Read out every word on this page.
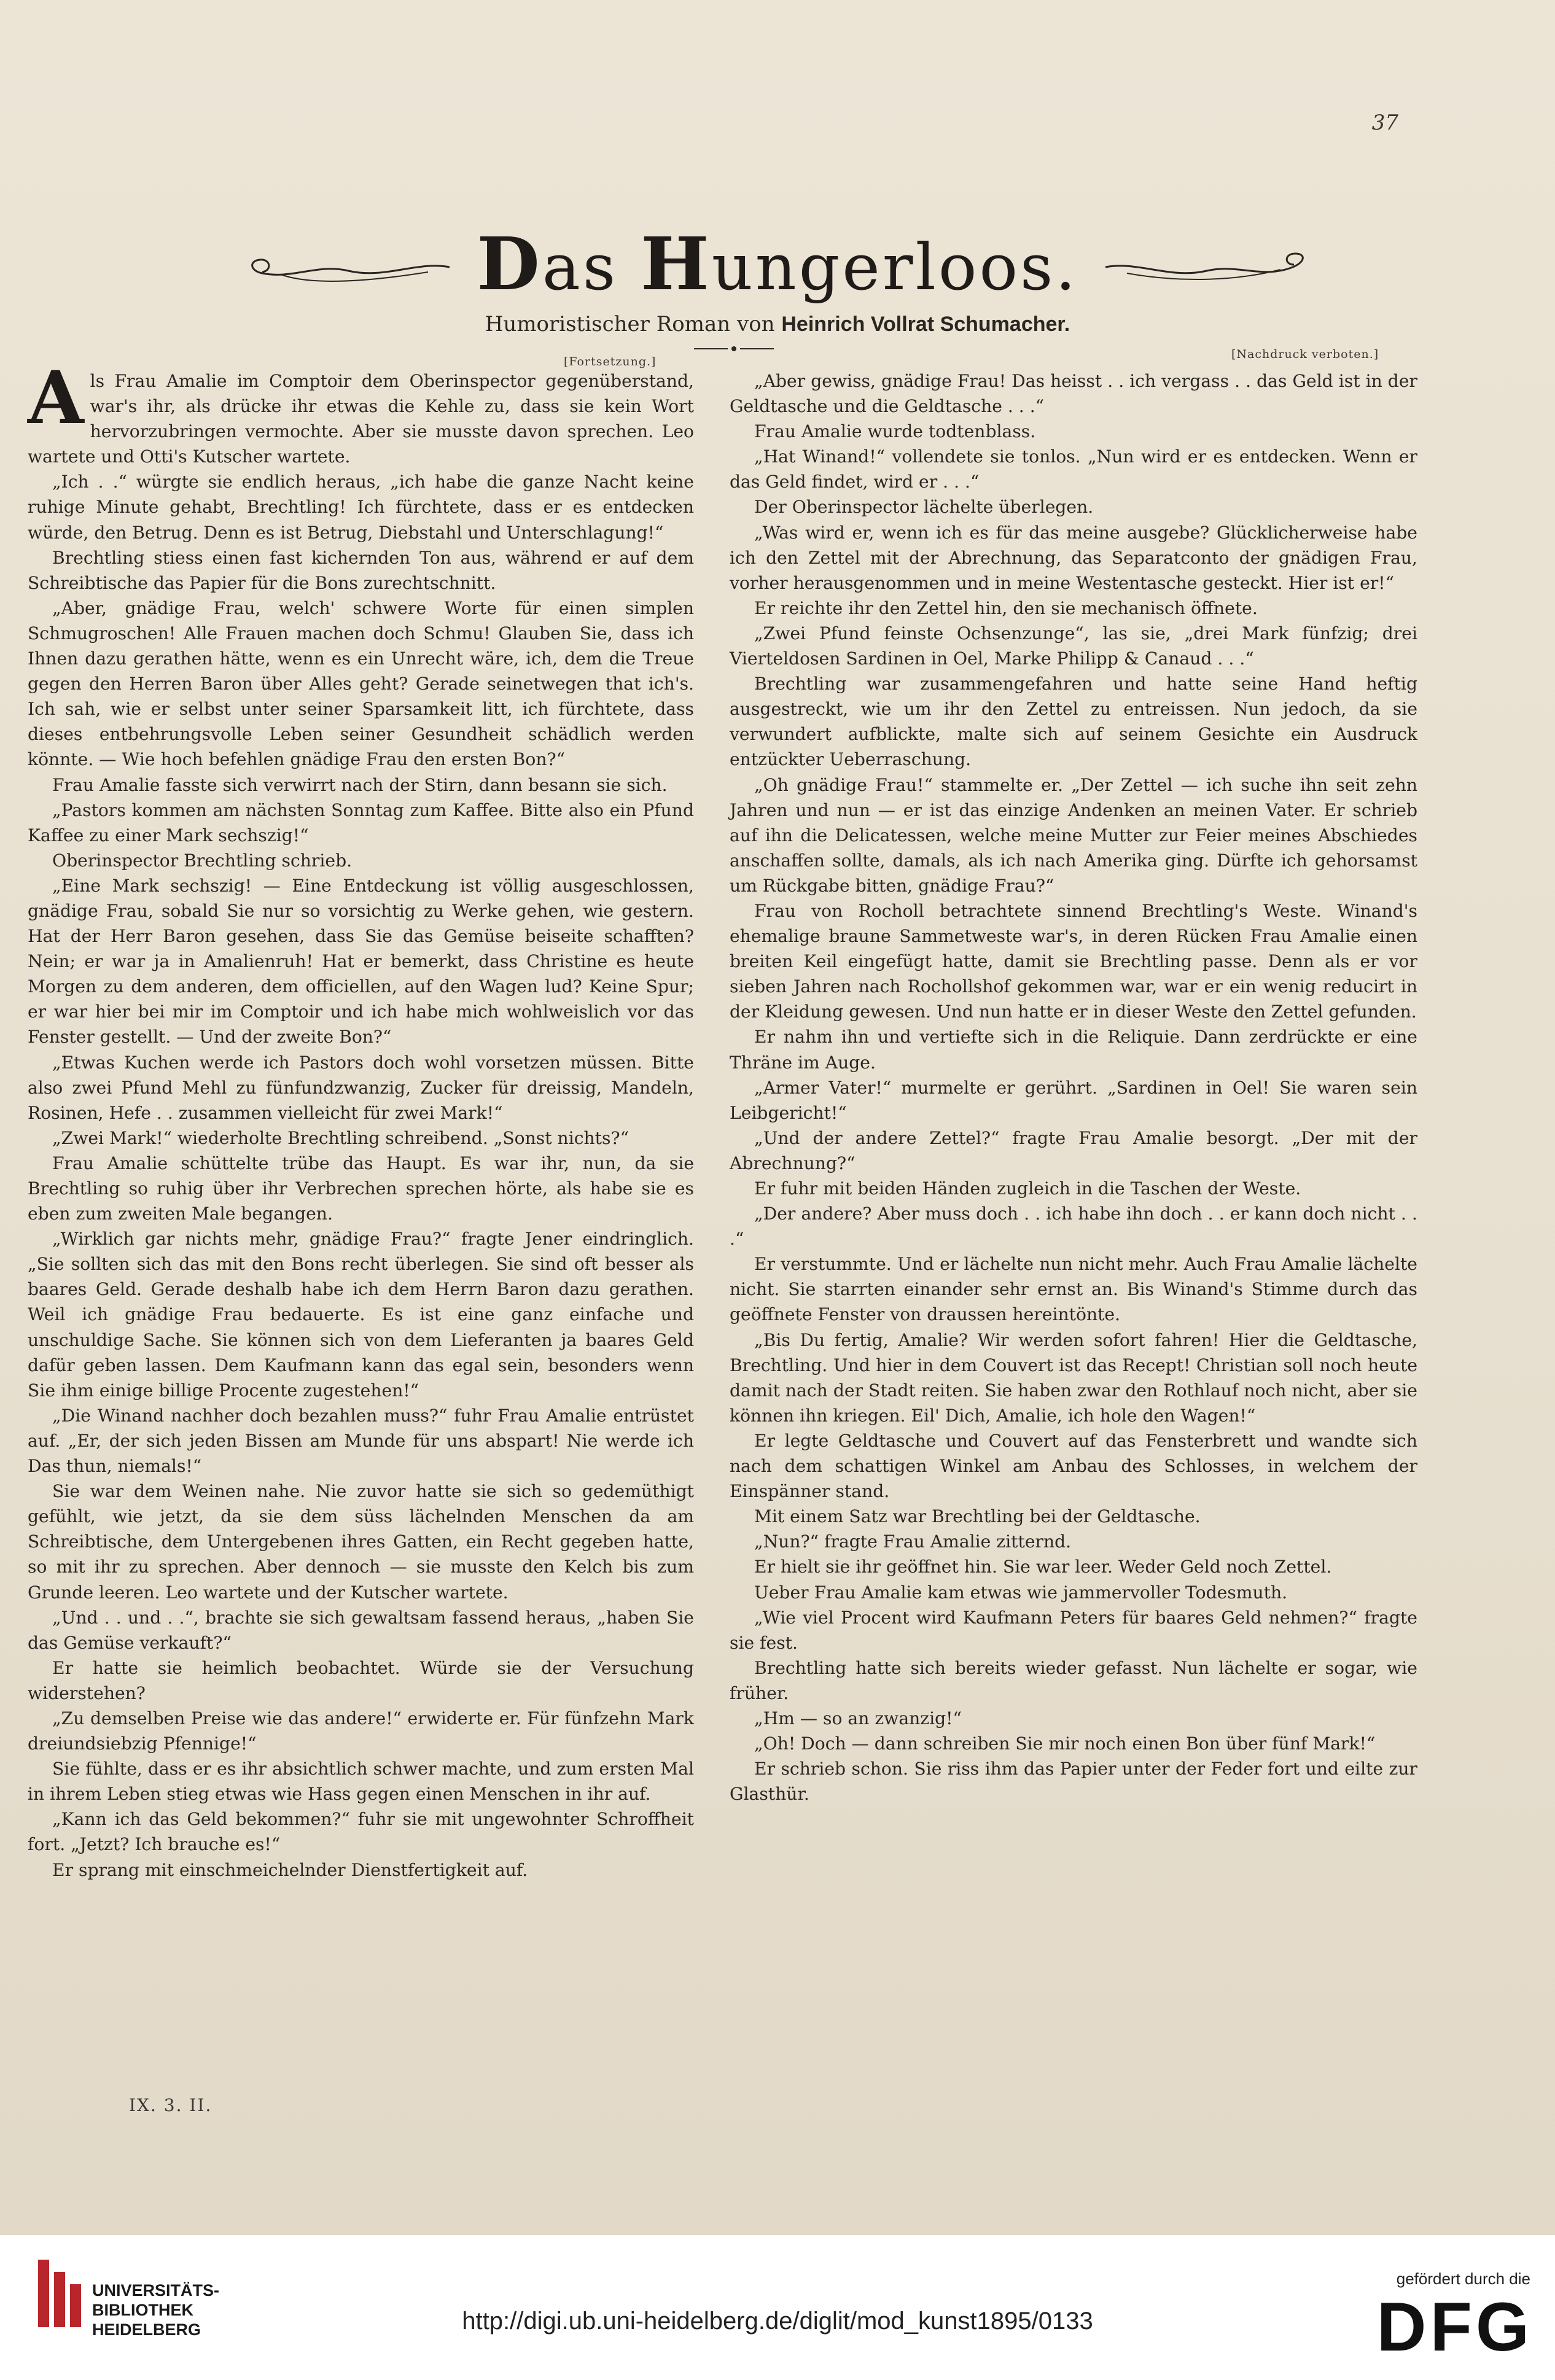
37
Das Hungerloos.
Humoristischer Roman von Heinrich Vollrat Schumacher.
[Fortsetzung.]
[Nachdruck verboten.]

Als Frau Amalie im Comptoir dem Oberinspector gegenüberstand, war's ihr, als drücke ihr etwas die Kehle zu, dass sie kein Wort hervorzubringen vermochte. Aber sie musste davon sprechen. Leo wartete und Otti's Kutscher wartete.

„Ich . .“ würgte sie endlich heraus, „ich habe die ganze Nacht keine ruhige Minute gehabt, Brechtling! Ich fürchtete, dass er es entdecken würde, den Betrug. Denn es ist Betrug, Diebstahl und Unterschlagung!“

Brechtling stiess einen fast kichernden Ton aus, während er auf dem Schreibtische das Papier für die Bons zurechtschnitt.

„Aber, gnädige Frau, welch' schwere Worte für einen simplen Schmugroschen! Alle Frauen machen doch Schmu! Glauben Sie, dass ich Ihnen dazu gerathen hätte, wenn es ein Unrecht wäre, ich, dem die Treue gegen den Herren Baron über Alles geht? Gerade seinetwegen that ich's. Ich sah, wie er selbst unter seiner Sparsamkeit litt, ich fürchtete, dass dieses entbehrungsvolle Leben seiner Gesundheit schädlich werden könnte. — Wie hoch befehlen gnädige Frau den ersten Bon?“

Frau Amalie fasste sich verwirrt nach der Stirn, dann besann sie sich.

„Pastors kommen am nächsten Sonntag zum Kaffee. Bitte also ein Pfund Kaffee zu einer Mark sechszig!“

Oberinspector Brechtling schrieb.

„Eine Mark sechszig! — Eine Entdeckung ist völlig ausgeschlossen, gnädige Frau, sobald Sie nur so vorsichtig zu Werke gehen, wie gestern. Hat der Herr Baron gesehen, dass Sie das Gemüse beiseite schafften? Nein; er war ja in Amalienruh! Hat er bemerkt, dass Christine es heute Morgen zu dem anderen, dem officiellen, auf den Wagen lud? Keine Spur; er war hier bei mir im Comptoir und ich habe mich wohlweislich vor das Fenster gestellt. — Und der zweite Bon?“

„Etwas Kuchen werde ich Pastors doch wohl vorsetzen müssen. Bitte also zwei Pfund Mehl zu fünfundzwanzig, Zucker für dreissig, Mandeln, Rosinen, Hefe . . zusammen vielleicht für zwei Mark!“

„Zwei Mark!“ wiederholte Brechtling schreibend. „Sonst nichts?“

Frau Amalie schüttelte trübe das Haupt. Es war ihr, nun, da sie Brechtling so ruhig über ihr Verbrechen sprechen hörte, als habe sie es eben zum zweiten Male begangen.

„Wirklich gar nichts mehr, gnädige Frau?“ fragte Jener eindringlich. „Sie sollten sich das mit den Bons recht überlegen. Sie sind oft besser als baares Geld. Gerade deshalb habe ich dem Herrn Baron dazu gerathen. Weil ich gnädige Frau bedauerte. Es ist eine ganz einfache und unschuldige Sache. Sie können sich von dem Lieferanten ja baares Geld dafür geben lassen. Dem Kaufmann kann das egal sein, besonders wenn Sie ihm einige billige Procente zugestehen!“

„Die Winand nachher doch bezahlen muss?“ fuhr Frau Amalie entrüstet auf. „Er, der sich jeden Bissen am Munde für uns abspart! Nie werde ich Das thun, niemals!“

Sie war dem Weinen nahe. Nie zuvor hatte sie sich so gedemüthigt gefühlt, wie jetzt, da sie dem süss lächelnden Menschen da am Schreibtische, dem Untergebenen ihres Gatten, ein Recht gegeben hatte, so mit ihr zu sprechen. Aber dennoch — sie musste den Kelch bis zum Grunde leeren. Leo wartete und der Kutscher wartete.

„Und . . und . .“, brachte sie sich gewaltsam fassend heraus, „haben Sie das Gemüse verkauft?“

Er hatte sie heimlich beobachtet. Würde sie der Versuchung widerstehen?

„Zu demselben Preise wie das andere!“ erwiderte er. Für fünfzehn Mark dreiundsiebzig Pfennige!“

Sie fühlte, dass er es ihr absichtlich schwer machte, und zum ersten Mal in ihrem Leben stieg etwas wie Hass gegen einen Menschen in ihr auf.

„Kann ich das Geld bekommen?“ fuhr sie mit ungewohnter Schroffheit fort. „Jetzt? Ich brauche es!“

Er sprang mit einschmeichelnder Dienstfertigkeit auf.

„Aber gewiss, gnädige Frau! Das heisst . . ich vergass . . das Geld ist in der Geldtasche und die Geldtasche . . .“

Frau Amalie wurde todtenblass.

„Hat Winand!“ vollendete sie tonlos. „Nun wird er es entdecken. Wenn er das Geld findet, wird er . . .“

Der Oberinspector lächelte überlegen.

„Was wird er, wenn ich es für das meine ausgebe? Glücklicherweise habe ich den Zettel mit der Abrechnung, das Separatconto der gnädigen Frau, vorher herausgenommen und in meine Westentasche gesteckt. Hier ist er!“

Er reichte ihr den Zettel hin, den sie mechanisch öffnete.

„Zwei Pfund feinste Ochsenzunge“, las sie, „drei Mark fünfzig; drei Vierteldosen Sardinen in Oel, Marke Philipp & Canaud . . .“

Brechtling war zusammengefahren und hatte seine Hand heftig ausgestreckt, wie um ihr den Zettel zu entreissen. Nun jedoch, da sie verwundert aufblickte, malte sich auf seinem Gesichte ein Ausdruck entzückter Ueberraschung.

„Oh gnädige Frau!“ stammelte er. „Der Zettel — ich suche ihn seit zehn Jahren und nun — er ist das einzige Andenken an meinen Vater. Er schrieb auf ihn die Delicatessen, welche meine Mutter zur Feier meines Abschiedes anschaffen sollte, damals, als ich nach Amerika ging. Dürfte ich gehorsamst um Rückgabe bitten, gnädige Frau?“

Frau von Rocholl betrachtete sinnend Brechtling's Weste. Winand's ehemalige braune Sammetweste war's, in deren Rücken Frau Amalie einen breiten Keil eingefügt hatte, damit sie Brechtling passe. Denn als er vor sieben Jahren nach Rochollshof gekommen war, war er ein wenig reducirt in der Kleidung gewesen. Und nun hatte er in dieser Weste den Zettel gefunden.

Er nahm ihn und vertiefte sich in die Reliquie. Dann zerdrückte er eine Thräne im Auge.

„Armer Vater!“ murmelte er gerührt. „Sardinen in Oel! Sie waren sein Leibgericht!“

„Und der andere Zettel?“ fragte Frau Amalie besorgt. „Der mit der Abrechnung?“

Er fuhr mit beiden Händen zugleich in die Taschen der Weste.

„Der andere? Aber muss doch . . ich habe ihn doch . . er kann doch nicht . . .“

Er verstummte. Und er lächelte nun nicht mehr. Auch Frau Amalie lächelte nicht. Sie starrten einander sehr ernst an. Bis Winand's Stimme durch das geöffnete Fenster von draussen hereintönte.

„Bis Du fertig, Amalie? Wir werden sofort fahren! Hier die Geldtasche, Brechtling. Und hier in dem Couvert ist das Recept! Christian soll noch heute damit nach der Stadt reiten. Sie haben zwar den Rothlauf noch nicht, aber sie können ihn kriegen. Eil' Dich, Amalie, ich hole den Wagen!“

Er legte Geldtasche und Couvert auf das Fensterbrett und wandte sich nach dem schattigen Winkel am Anbau des Schlosses, in welchem der Einspänner stand.

Mit einem Satz war Brechtling bei der Geldtasche.

„Nun?“ fragte Frau Amalie zitternd.

Er hielt sie ihr geöffnet hin. Sie war leer. Weder Geld noch Zettel.

Ueber Frau Amalie kam etwas wie jammervoller Todesmuth.

„Wie viel Procent wird Kaufmann Peters für baares Geld nehmen?“ fragte sie fest.

Brechtling hatte sich bereits wieder gefasst. Nun lächelte er sogar, wie früher.

„Hm — so an zwanzig!“

„Oh! Doch — dann schreiben Sie mir noch einen Bon über fünf Mark!“

Er schrieb schon. Sie riss ihm das Papier unter der Feder fort und eilte zur Glasthür.

IX. 3. II.
UNIVERSITÄTS-
BIBLIOTHEK
HEIDELBERG	http://digi.ub.uni-heidelberg.de/diglit/mod_kunst1895/0133
gefördert durch die
DFG
